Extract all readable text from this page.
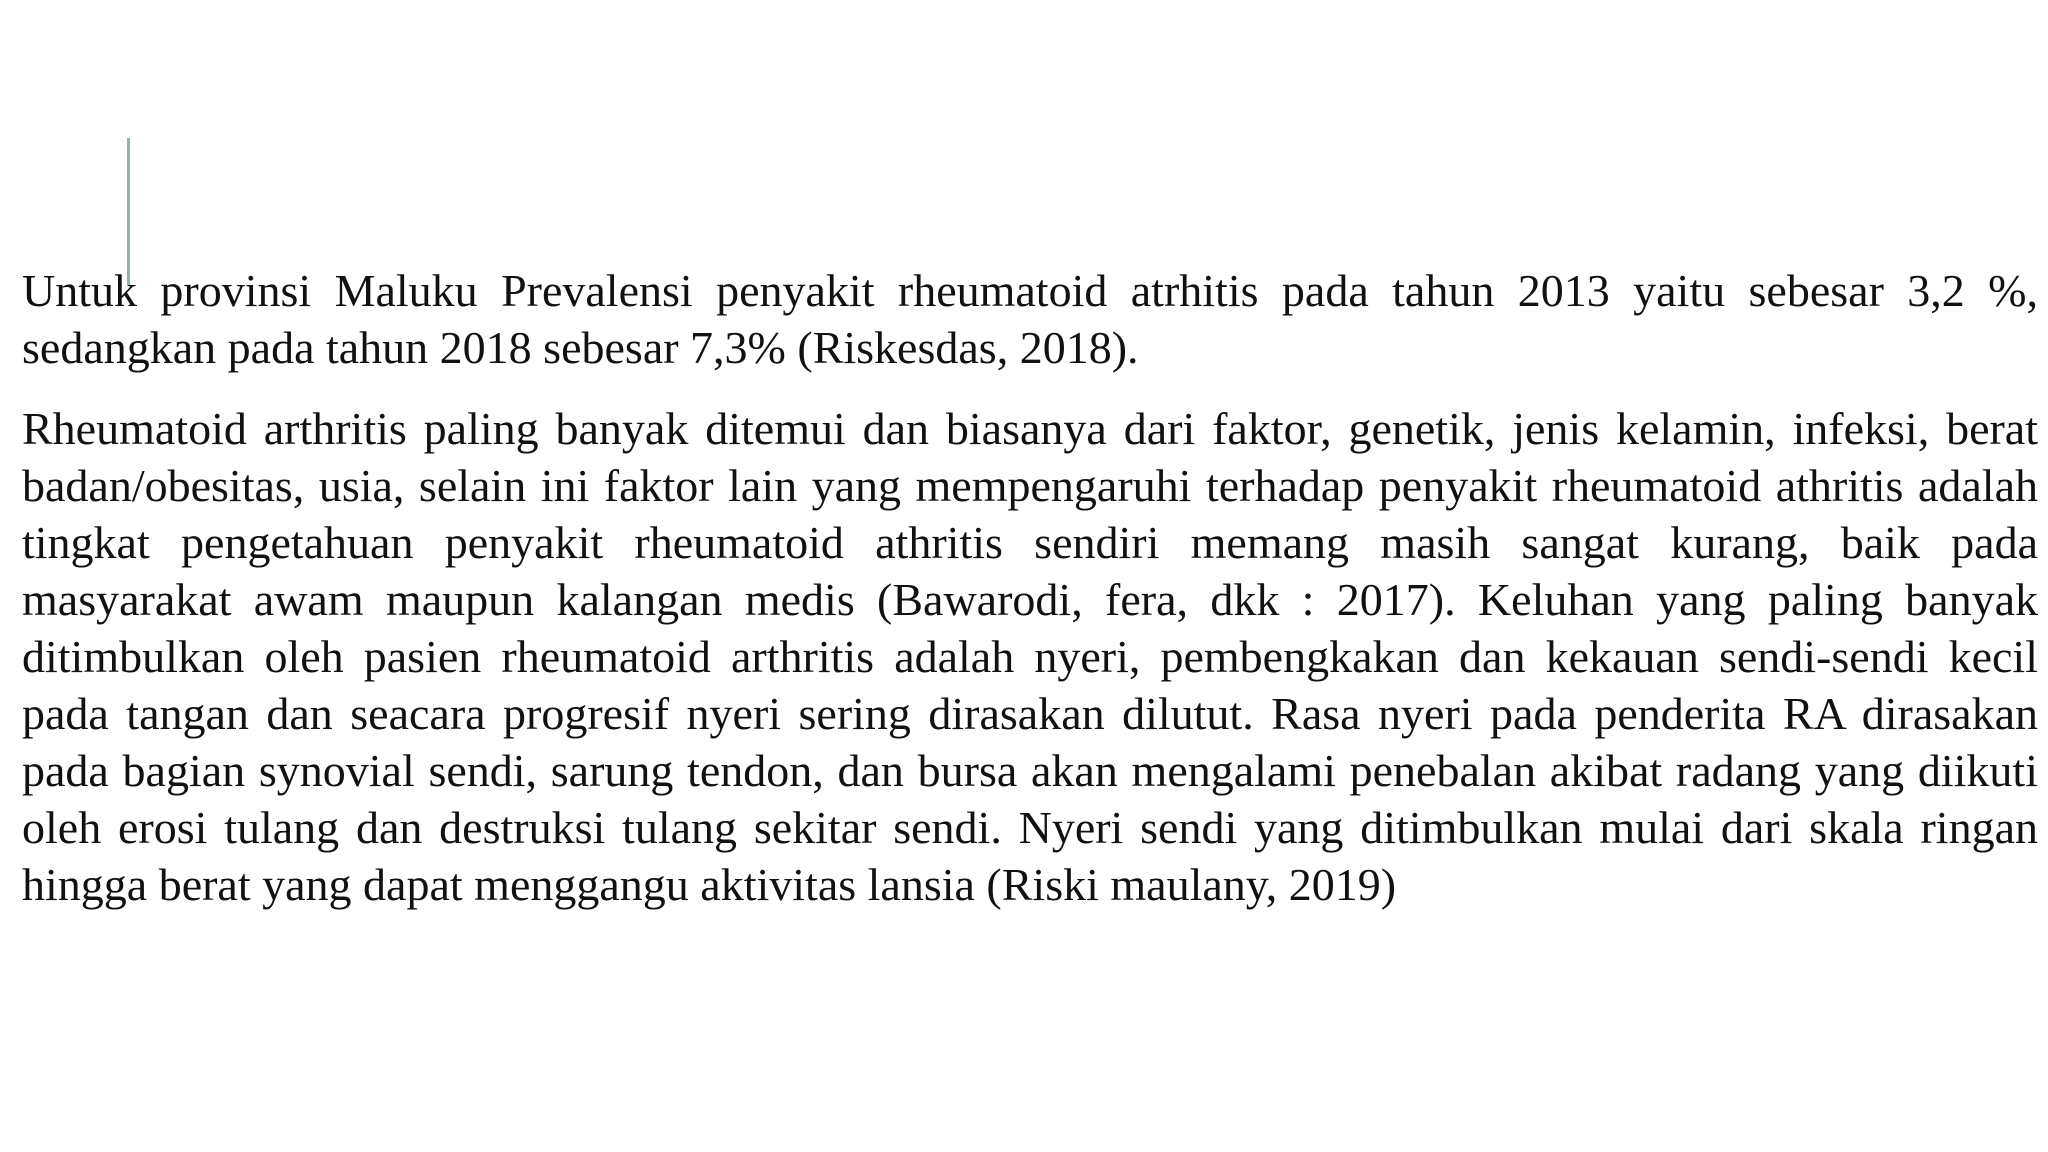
Untuk provinsi Maluku Prevalensi penyakit rheumatoid atrhitis pada tahun 2013 yaitu sebesar 3,2 %, sedangkan pada tahun 2018 sebesar 7,3% (Riskesdas, 2018).

Rheumatoid arthritis paling banyak ditemui dan biasanya dari faktor, genetik, jenis kelamin, infeksi, berat badan/obesitas, usia, selain ini faktor lain yang mempengaruhi terhadap penyakit rheumatoid athritis adalah tingkat pengetahuan penyakit rheumatoid athritis sendiri memang masih sangat kurang, baik pada masyarakat awam maupun kalangan medis (Bawarodi, fera, dkk : 2017). Keluhan yang paling banyak ditimbulkan oleh pasien rheumatoid arthritis adalah nyeri, pembengkakan dan kekauan sendi-sendi kecil pada tangan dan seacara progresif nyeri sering dirasakan dilutut. Rasa nyeri pada penderita RA dirasakan pada bagian synovial sendi, sarung tendon, dan bursa akan mengalami penebalan akibat radang yang diikuti oleh erosi tulang dan destruksi tulang sekitar sendi. Nyeri sendi yang ditimbulkan mulai dari skala ringan hingga berat yang dapat menggangu aktivitas lansia (Riski maulany, 2019)
